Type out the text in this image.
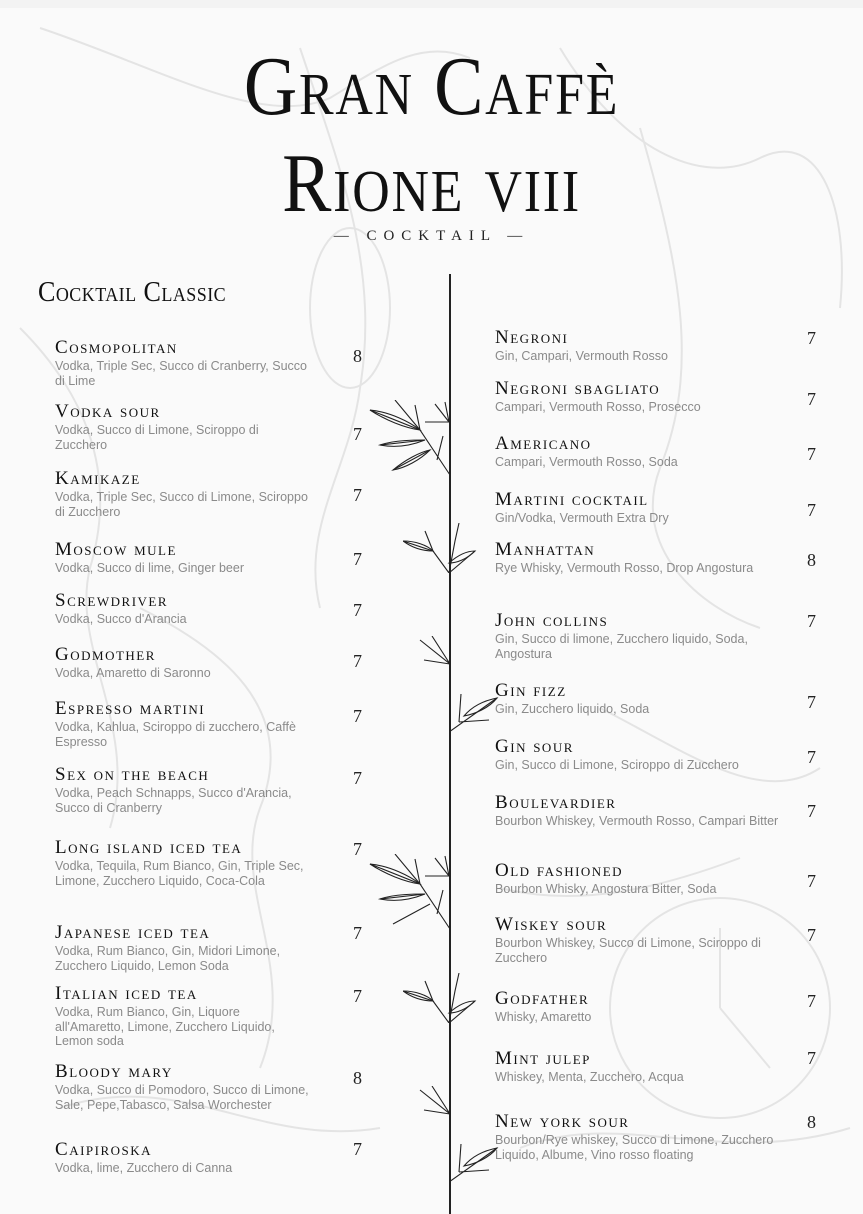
Gran Caffè
Rione viii
— COCKTAIL —
Cocktail Classic
Cosmopolitan
Vodka, Triple Sec, Succo di Cranberry, Succo di Lime
8
Vodka sour
Vodka, Succo di Limone, Sciroppo di Zucchero
7
Kamikaze
Vodka, Triple Sec, Succo di Limone, Sciroppo di Zucchero
7
Moscow mule
Vodka, Succo di lime, Ginger beer	7
Screwdriver
Vodka, Succo d'Arancia	7
Godmother
Vodka, Amaretto di Saronno
7
Espresso martini
Vodka, Kahlua, Sciroppo di zucchero, Caffè Espresso
7
Sex on the beach
Vodka, Peach Schnapps, Succo d'Arancia, Succo di Cranberry
7
Long island iced tea
Vodka, Tequila, Rum Bianco, Gin, Triple Sec, Limone, Zucchero Liquido, Coca-Cola
7
Japanese iced tea
Vodka, Rum Bianco, Gin, Midori Limone, Zucchero Liquido, Lemon Soda
7
Italian iced tea
Vodka, Rum Bianco, Gin, Liquore all'Amaretto, Limone, Zucchero Liquido, Lemon soda
7
Bloody mary
Vodka, Succo di Pomodoro, Succo di Limone, Sale, Pepe,Tabasco, Salsa Worchester
8
Caipiroska
Vodka, lime, Zucchero di Canna
7
Negroni
Gin, Campari, Vermouth Rosso
7
Negroni sbagliato
Campari, Vermouth Rosso, Prosecco	7
Americano
Campari, Vermouth Rosso, Soda	7
Martini cocktail
Gin/Vodka, Vermouth Extra Dry	7
Manhattan
Rye Whisky, Vermouth Rosso, Drop Angostura	8
John collins
Gin, Succo di limone, Zucchero liquido, Soda, Angostura
7
Gin fizz
Gin, Zucchero liquido, Soda	7
Gin sour
Gin, Succo di Limone, Sciroppo di Zucchero	7
Boulevardier
Bourbon Whiskey, Vermouth Rosso, Campari Bitter	7
Old fashioned
Bourbon Whisky, Angostura Bitter, Soda	7
Wiskey sour
Bourbon Whiskey, Succo di Limone, Sciroppo di Zucchero
7
Godfather
Whisky, Amaretto
7
Mint julep
Whiskey, Menta, Zucchero, Acqua
7
New york sour
Bourbon/Rye whiskey, Succo di Limone, Zucchero Liquido, Albume, Vino rosso floating
8
